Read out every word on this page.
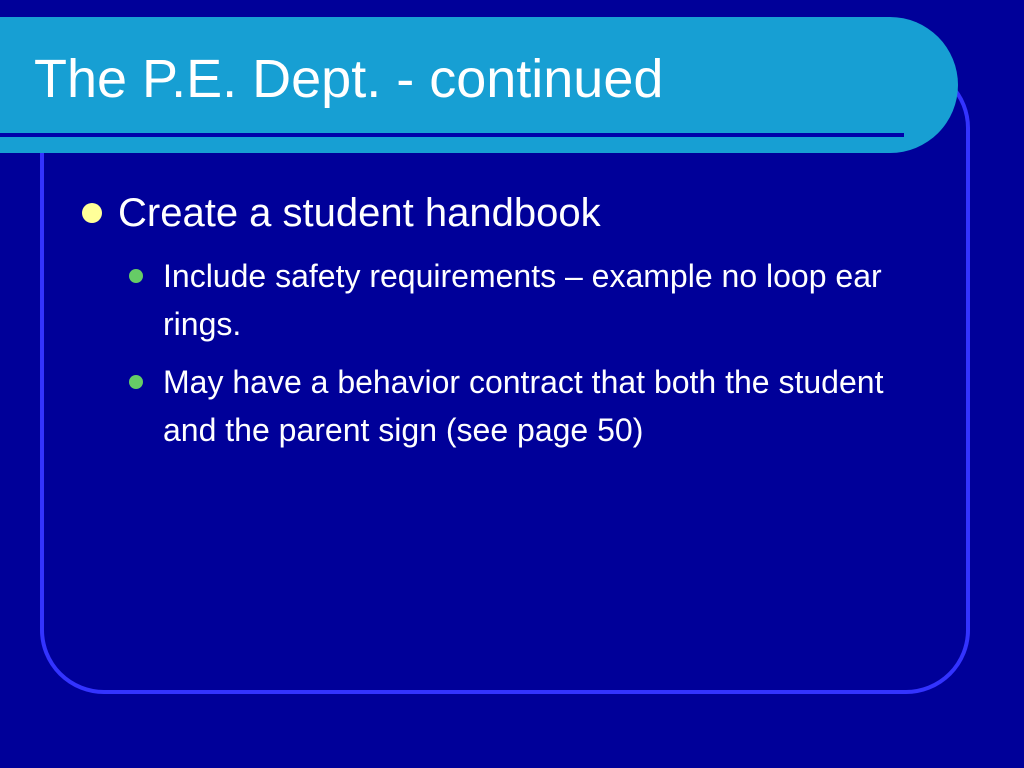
The P.E. Dept. - continued
Create a student handbook
Include safety requirements – example no loop ear rings.
May have a behavior contract that both the student and the parent sign (see page 50)
